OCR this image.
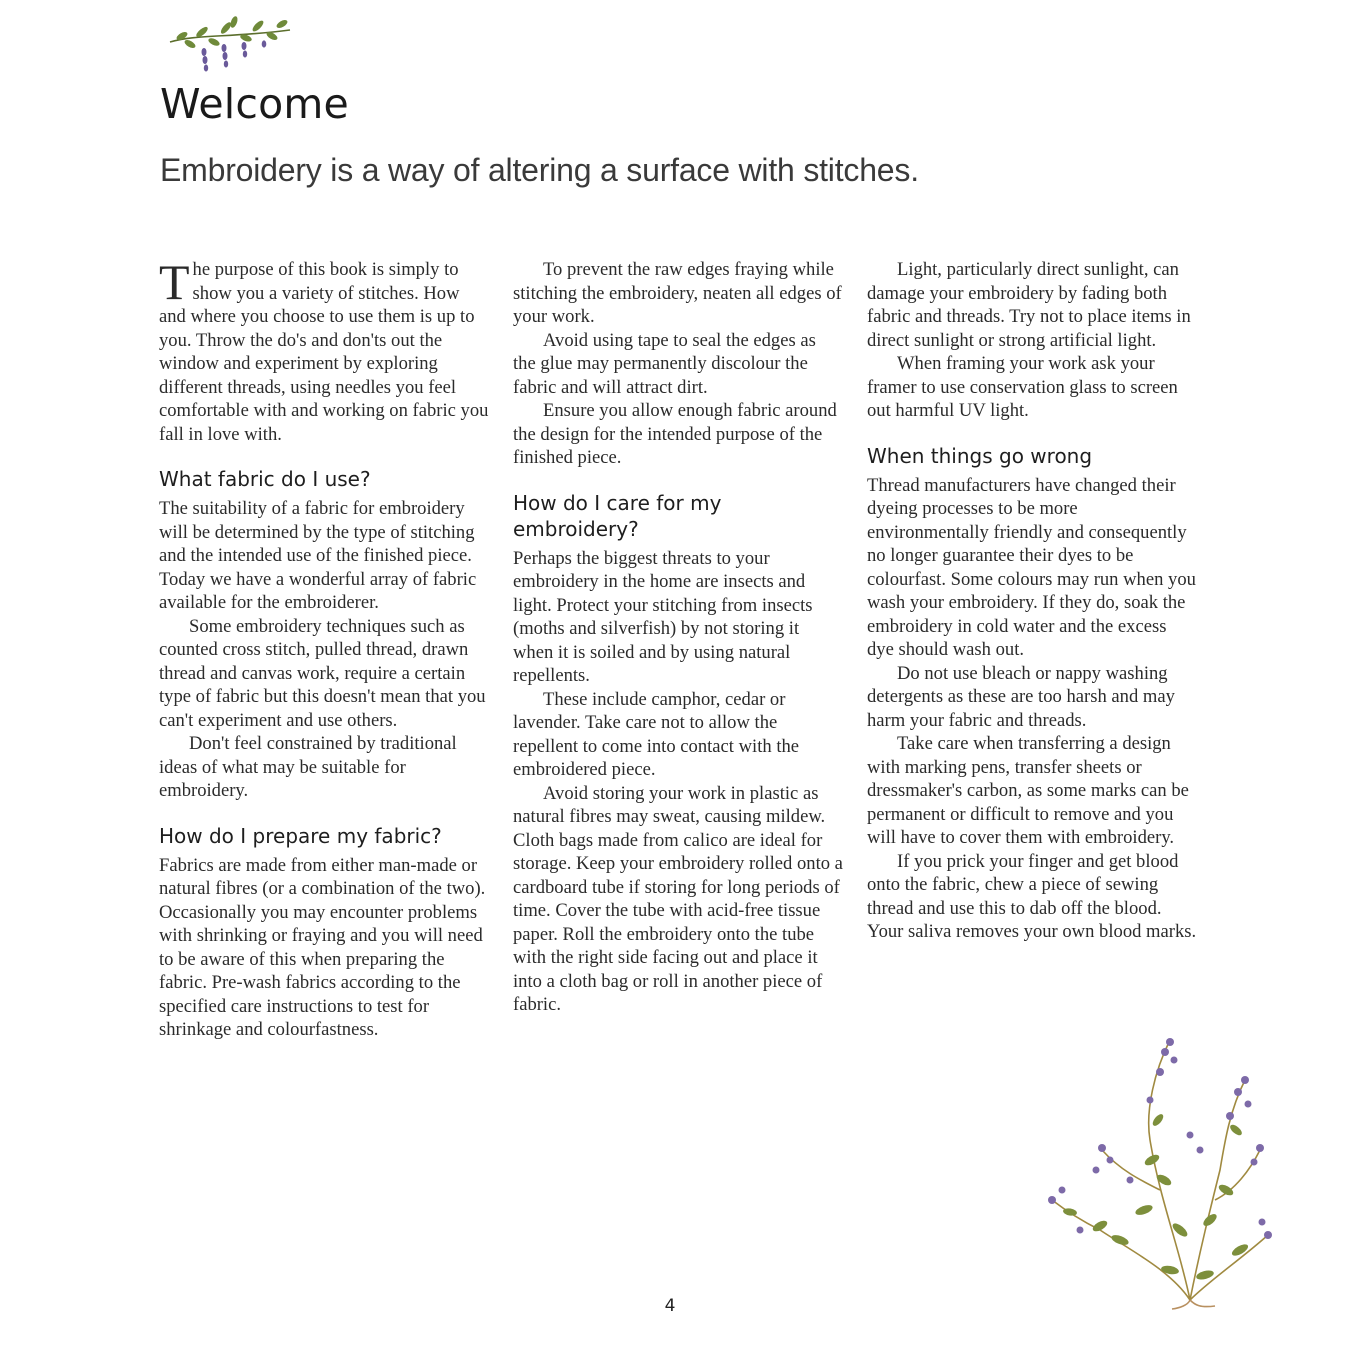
Welcome
Embroidery is a way of altering a surface with stitches.

The purpose of this book is simply to show you a variety of stitches. How and where you choose to use them is up to you. Throw the do's and don'ts out the window and experiment by exploring different threads, using needles you feel comfortable with and working on fabric you fall in love with.

What fabric do I use?

The suitability of a fabric for embroidery will be determined by the type of stitching and the intended use of the finished piece. Today we have a wonderful array of fabric available for the embroiderer.

Some embroidery techniques such as counted cross stitch, pulled thread, drawn thread and canvas work, require a certain type of fabric but this doesn't mean that you can't experiment and use others.

Don't feel constrained by traditional ideas of what may be suitable for embroidery.

How do I prepare my fabric?

Fabrics are made from either man-made or natural fibres (or a combination of the two). Occasionally you may encounter problems with shrinking or fraying and you will need to be aware of this when preparing the fabric. Pre-wash fabrics according to the specified care instructions to test for shrinkage and colourfastness.

To prevent the raw edges fraying while stitching the embroidery, neaten all edges of your work.

Avoid using tape to seal the edges as the glue may permanently discolour the fabric and will attract dirt.

Ensure you allow enough fabric around the design for the intended purpose of the finished piece.

How do I care for my embroidery?

Perhaps the biggest threats to your embroidery in the home are insects and light. Protect your stitching from insects (moths and silverfish) by not storing it when it is soiled and by using natural repellents.

These include camphor, cedar or lavender. Take care not to allow the repellent to come into contact with the embroidered piece.

Avoid storing your work in plastic as natural fibres may sweat, causing mildew. Cloth bags made from calico are ideal for storage. Keep your embroidery rolled onto a cardboard tube if storing for long periods of time. Cover the tube with acid-free tissue paper. Roll the embroidery onto the tube with the right side facing out and place it into a cloth bag or roll in another piece of fabric.

Light, particularly direct sunlight, can damage your embroidery by fading both fabric and threads. Try not to place items in direct sunlight or strong artificial light.

When framing your work ask your framer to use conservation glass to screen out harmful UV light.

When things go wrong

Thread manufacturers have changed their dyeing processes to be more environmentally friendly and consequently no longer guarantee their dyes to be colourfast. Some colours may run when you wash your embroidery. If they do, soak the embroidery in cold water and the excess dye should wash out.

Do not use bleach or nappy washing detergents as these are too harsh and may harm your fabric and threads.

Take care when transferring a design with marking pens, transfer sheets or dressmaker's carbon, as some marks can be permanent or difficult to remove and you will have to cover them with embroidery.

If you prick your finger and get blood onto the fabric, chew a piece of sewing thread and use this to dab off the blood. Your saliva removes your own blood marks.

4
